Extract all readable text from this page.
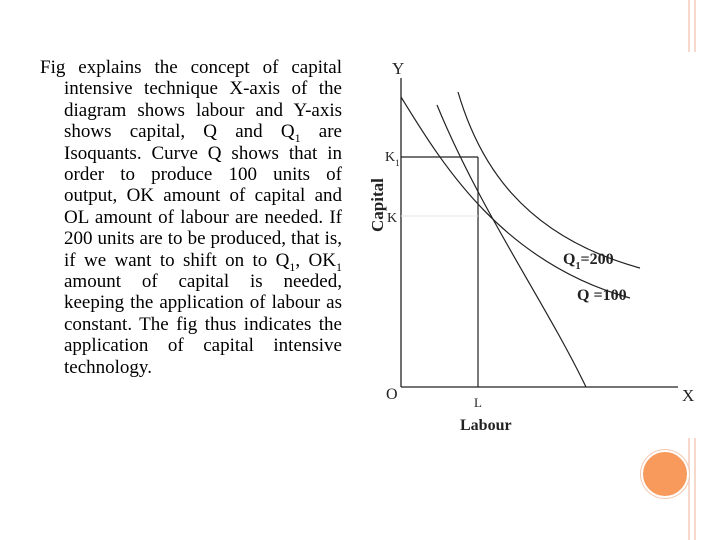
Fig explains the concept of capital intensive technique X-axis of the diagram shows labour and Y-axis shows capital, Q and $Q_1$ are Isoquants. Curve Q shows that in order to produce 100 units of output, OK amount of capital and OL amount of labour are needed. If 200 units are to be produced, that is, if we want to shift on to $Q_1$, $OK_1$ amount of capital is needed, keeping the application of labour as constant. The fig thus indicates the application of capital intensive technology.
Y
X
O
Capital
Labour
$K_1$
K
L
$Q_1=200$
Q =100
